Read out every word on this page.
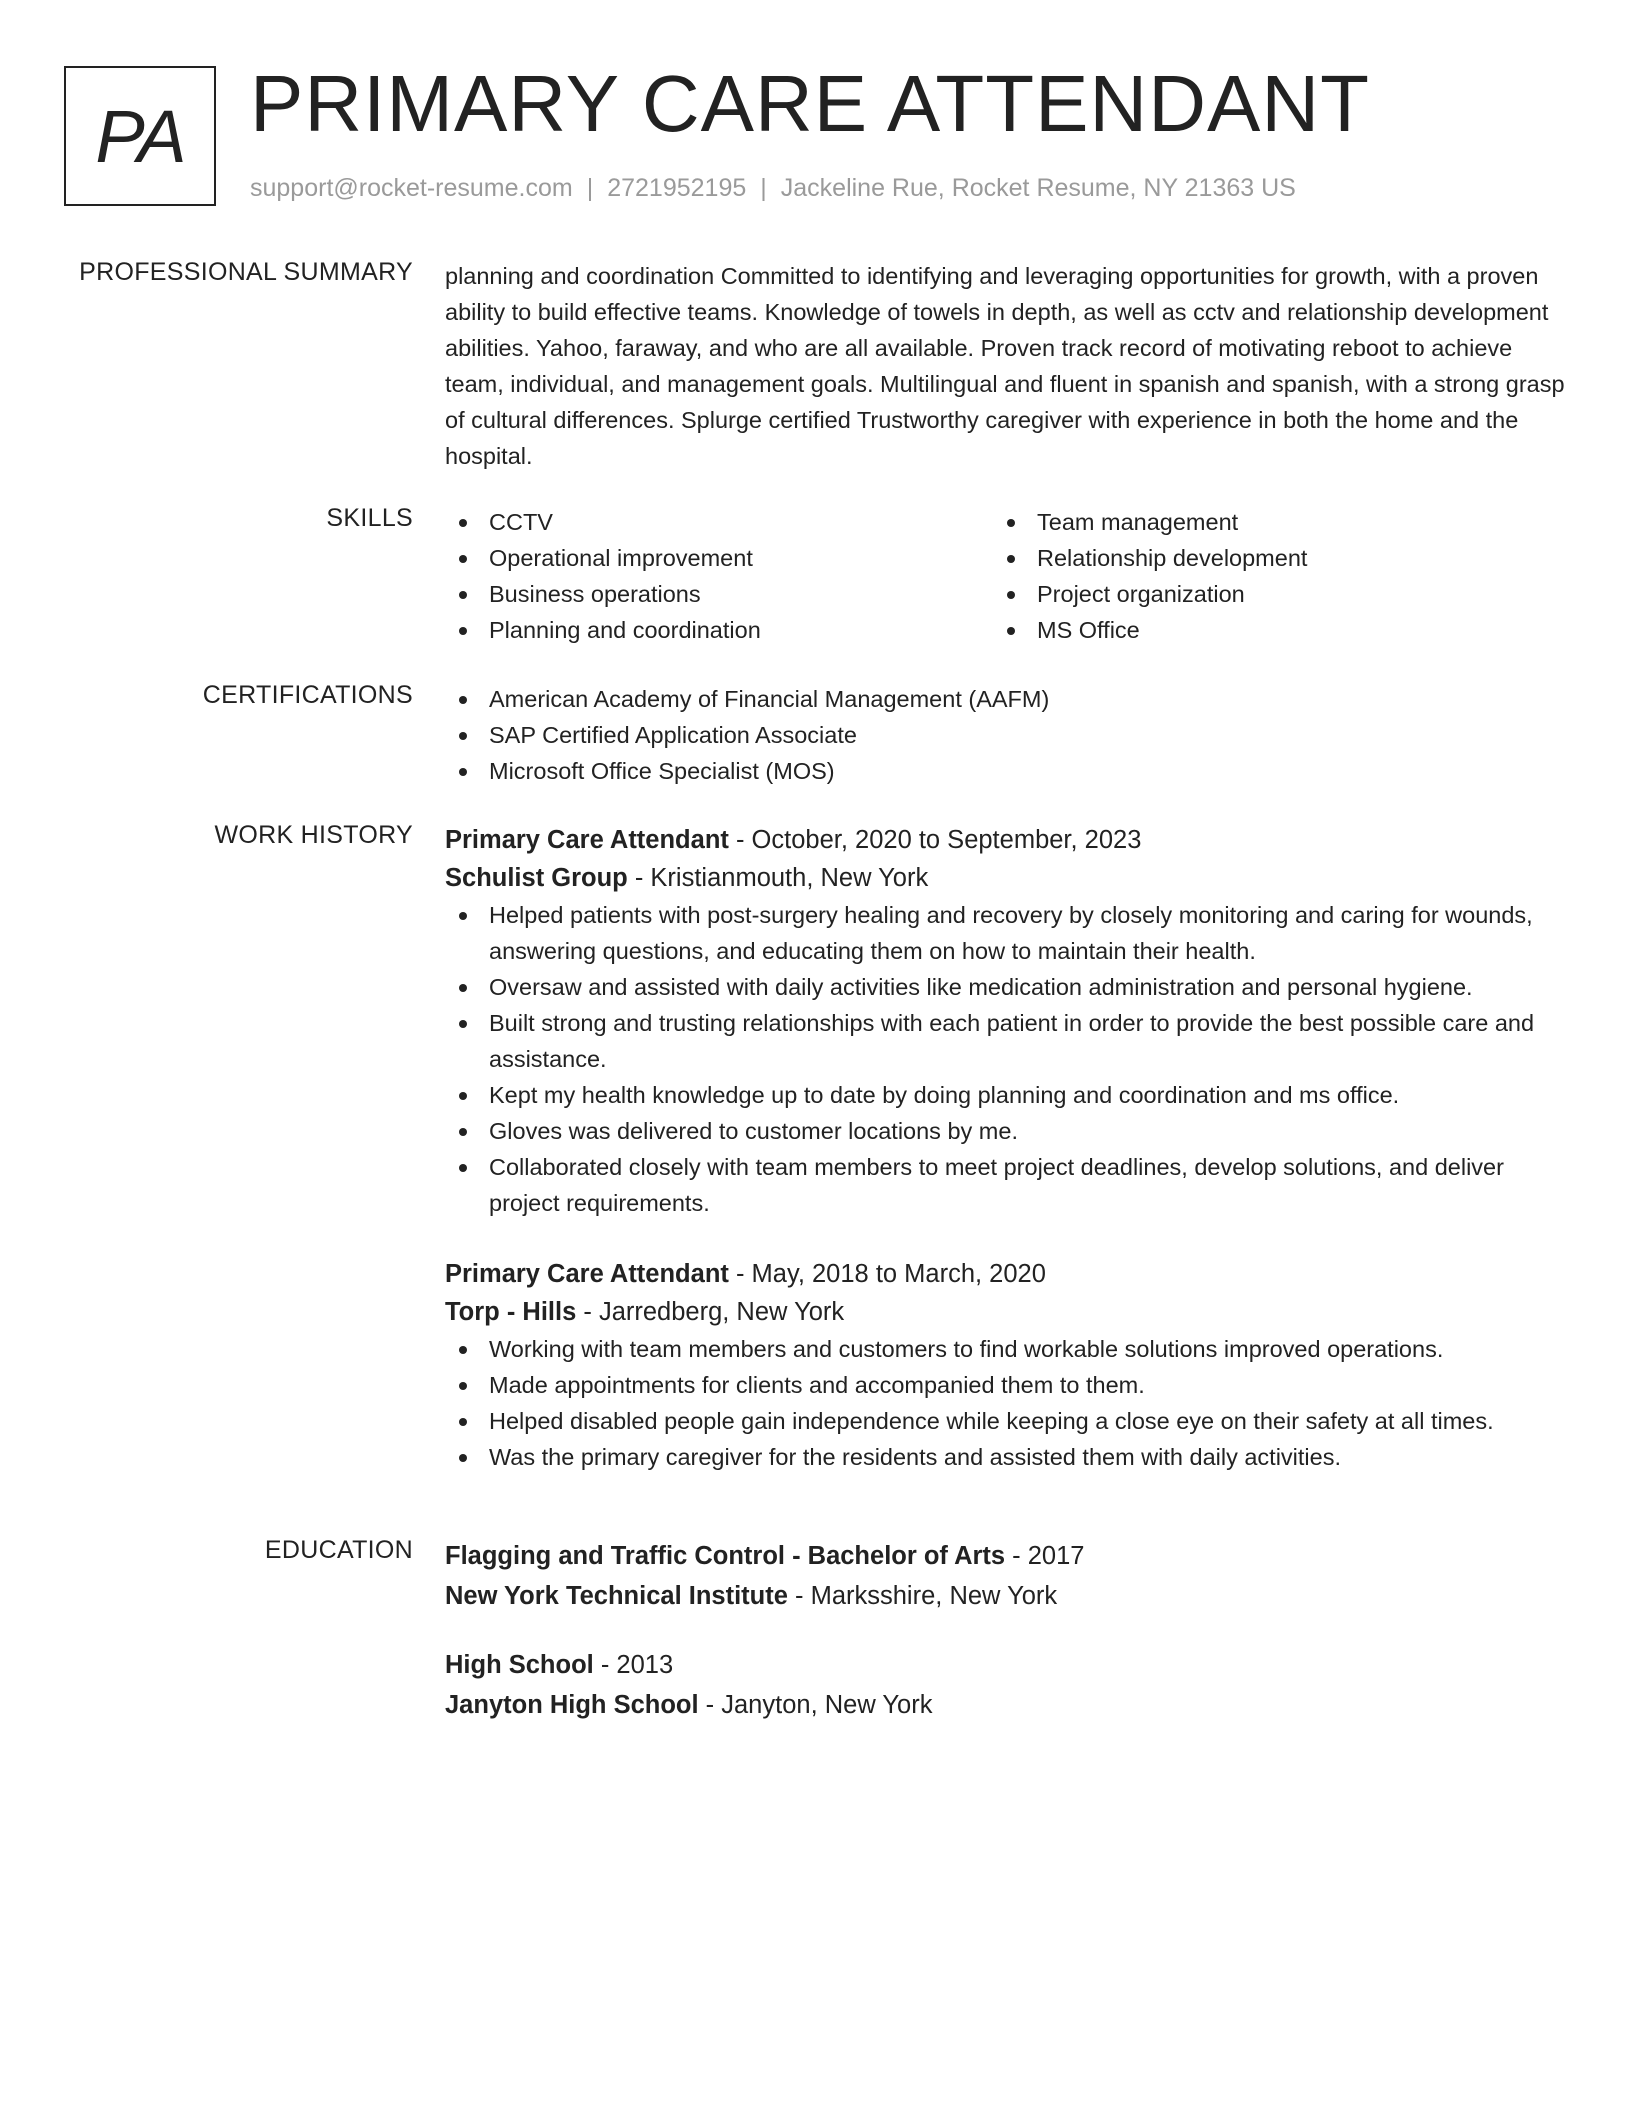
PA PRIMARY CARE ATTENDANT
support@rocket-resume.com | 2721952195 | Jackeline Rue, Rocket Resume, NY 21363 US
PROFESSIONAL SUMMARY planning and coordination Committed to identifying and leveraging opportunities for growth, with a proven ability to build effective teams. Knowledge of towels in depth, as well as cctv and relationship development abilities. Yahoo, faraway, and who are all available. Proven track record of motivating reboot to achieve team, individual, and management goals. Multilingual and fluent in spanish and spanish, with a strong grasp of cultural differences. Splurge certified Trustworthy caregiver with experience in both the home and the hospital.

SKILLS	CCTV
Operational improvement
Business operations
Planning and coordination
Team management
Relationship development
Project organization
MS Office
CERTIFICATIONS	American Academy of Financial Management (AAFM)
SAP Certified Application Associate
Microsoft Office Specialist (MOS)
WORK HISTORY Primary Care Attendant - October, 2020 to September, 2023
Schulist Group - Kristianmouth, New York
Helped patients with post-surgery healing and recovery by closely monitoring and caring for wounds, answering questions, and educating them on how to maintain their health.
Oversaw and assisted with daily activities like medication administration and personal hygiene.
Built strong and trusting relationships with each patient in order to provide the best possible care and assistance.
Kept my health knowledge up to date by doing planning and coordination and ms office.
Gloves was delivered to customer locations by me.
Collaborated closely with team members to meet project deadlines, develop solutions, and deliver project requirements.
Primary Care Attendant - May, 2018 to March, 2020
Torp - Hills - Jarredberg, New York
Working with team members and customers to find workable solutions improved operations.
Made appointments for clients and accompanied them to them.
Helped disabled people gain independence while keeping a close eye on their safety at all times.
Was the primary caregiver for the residents and assisted them with daily activities.
EDUCATION Flagging and Traffic Control - Bachelor of Arts - 2017
New York Technical Institute - Marksshire, New York
High School - 2013
Janyton High School - Janyton, New York
